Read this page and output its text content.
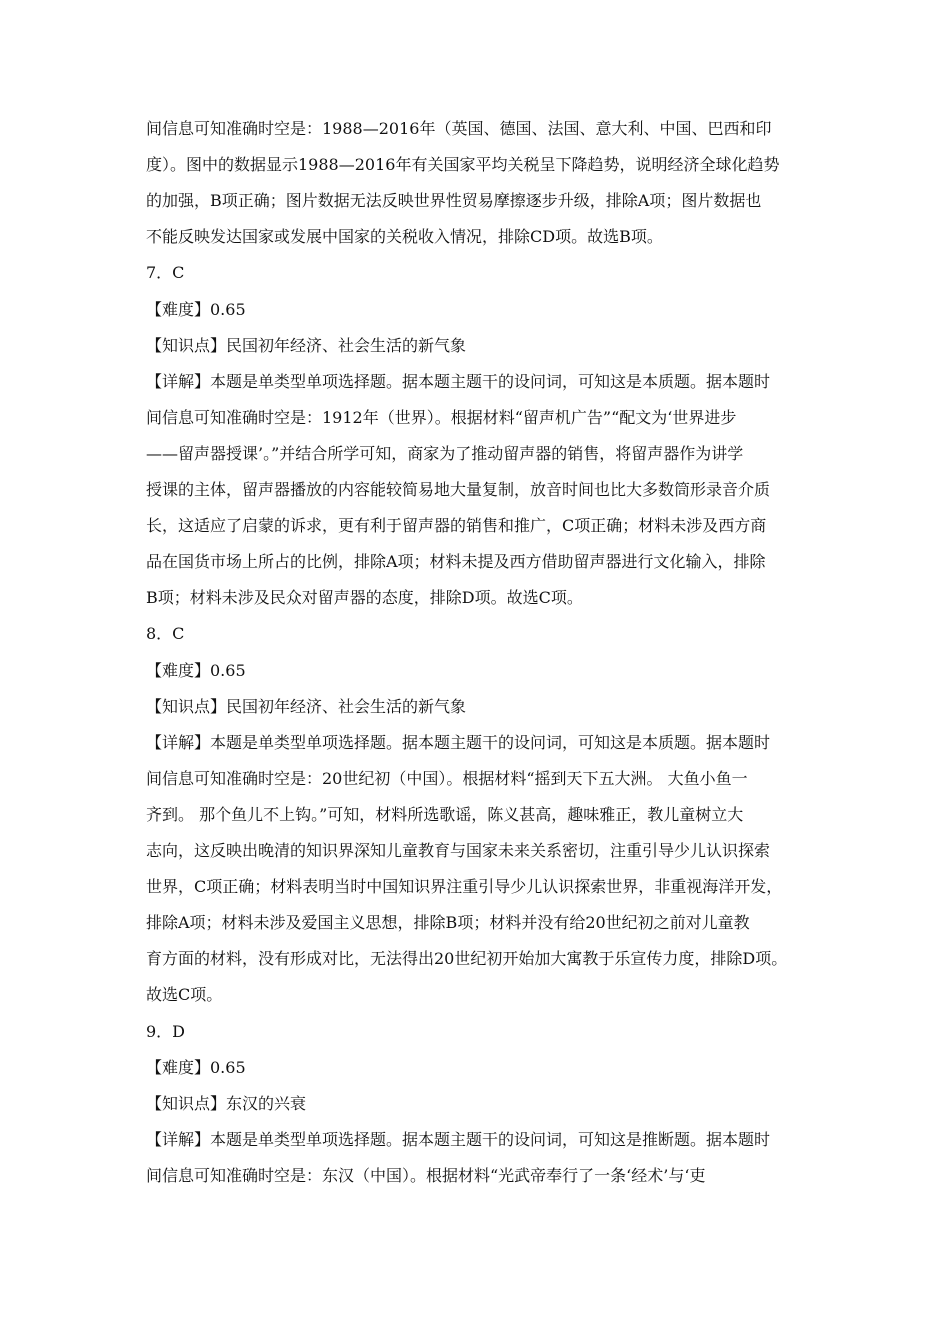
间信息可知准确时空是：1988—2016年（英国、德国、法国、意大利、中国、巴西和印
度）。图中的数据显示1988—2016年有关国家平均关税呈下降趋势，说明经济全球化趋势
的加强，B项正确；图片数据无法反映世界性贸易摩擦逐步升级，排除A项；图片数据也
不能反映发达国家或发展中国家的关税收入情况，排除CD项。故选B项。
7．C
【难度】0.65
【知识点】民国初年经济、社会生活的新气象
【详解】本题是单类型单项选择题。据本题主题干的设问词，可知这是本质题。据本题时
间信息可知准确时空是：1912年（世界）。根据材料“留声机广告”“配文为‘世界进步
——留声器授课’。”并结合所学可知，商家为了推动留声器的销售，将留声器作为讲学
授课的主体，留声器播放的内容能较简易地大量复制，放音时间也比大多数筒形录音介质
长，这适应了启蒙的诉求，更有利于留声器的销售和推广，C项正确；材料未涉及西方商
品在国货市场上所占的比例，排除A项；材料未提及西方借助留声器进行文化输入，排除
B项；材料未涉及民众对留声器的态度，排除D项。故选C项。
8．C
【难度】0.65
【知识点】民国初年经济、社会生活的新气象
【详解】本题是单类型单项选择题。据本题主题干的设问词，可知这是本质题。据本题时
间信息可知准确时空是：20世纪初（中国）。根据材料“摇到天下五大洲。 大鱼小鱼一
齐到。 那个鱼儿不上钩。”可知，材料所选歌谣，陈义甚高，趣味雅正，教儿童树立大
志向，这反映出晚清的知识界深知儿童教育与国家未来关系密切，注重引导少儿认识探索
世界，C项正确；材料表明当时中国知识界注重引导少儿认识探索世界，非重视海洋开发，
排除A项；材料未涉及爱国主义思想，排除B项；材料并没有给20世纪初之前对儿童教
育方面的材料，没有形成对比，无法得出20世纪初开始加大寓教于乐宣传力度，排除D项。
故选C项。
9．D
【难度】0.65
【知识点】东汉的兴衰
【详解】本题是单类型单项选择题。据本题主题干的设问词，可知这是推断题。据本题时
间信息可知准确时空是：东汉（中国）。根据材料“光武帝奉行了一条‘经术’与‘吏
